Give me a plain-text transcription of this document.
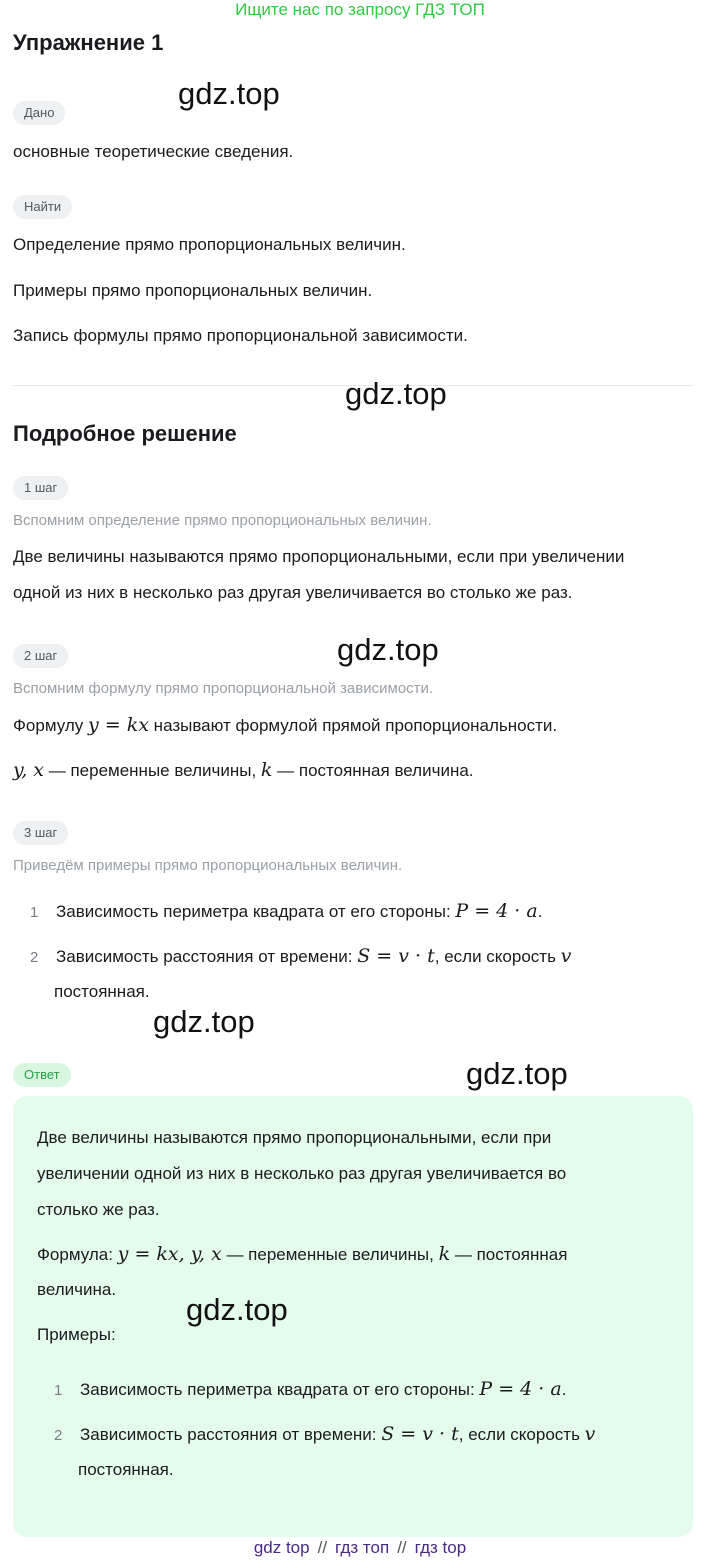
Ищите нас по запросу ГДЗ ТОП
Упражнение 1
gdz.top
Дано
основные теоретические сведения.
Найти
Определение прямо пропорциональных величин.
Примеры прямо пропорциональных величин.
Запись формулы прямо пропорциональной зависимости.
gdz.top
Подробное решение
1 шаг
Вспомним определение прямо пропорциональных величин.
Две величины называются прямо пропорциональными, если при увеличении
одной из них в несколько раз другая увеличивается во столько же раз.
gdz.top
2 шаг
Вспомним формулу прямо пропорциональной зависимости.
Формулу y = kx называют формулой прямой пропорциональности.
y, x — переменные величины, k — постоянная величина.
3 шаг
Приведём примеры прямо пропорциональных величин.
1 Зависимость периметра квадрата от его стороны: P = 4 · a.
2 Зависимость расстояния от времени: S = v · t, если скорость v
постоянная.
gdz.top
gdz.top
Ответ
Две величины называются прямо пропорциональными, если при
увеличении одной из них в несколько раз другая увеличивается во
столько же раз.
Формула: y = kx, y, x — переменные величины, k — постоянная
величина.
gdz.top
Примеры:
1 Зависимость периметра квадрата от его стороны: P = 4 · a.
2 Зависимость расстояния от времени: S = v · t, если скорость v
постоянная.
gdz top // гдз топ // гдз top
